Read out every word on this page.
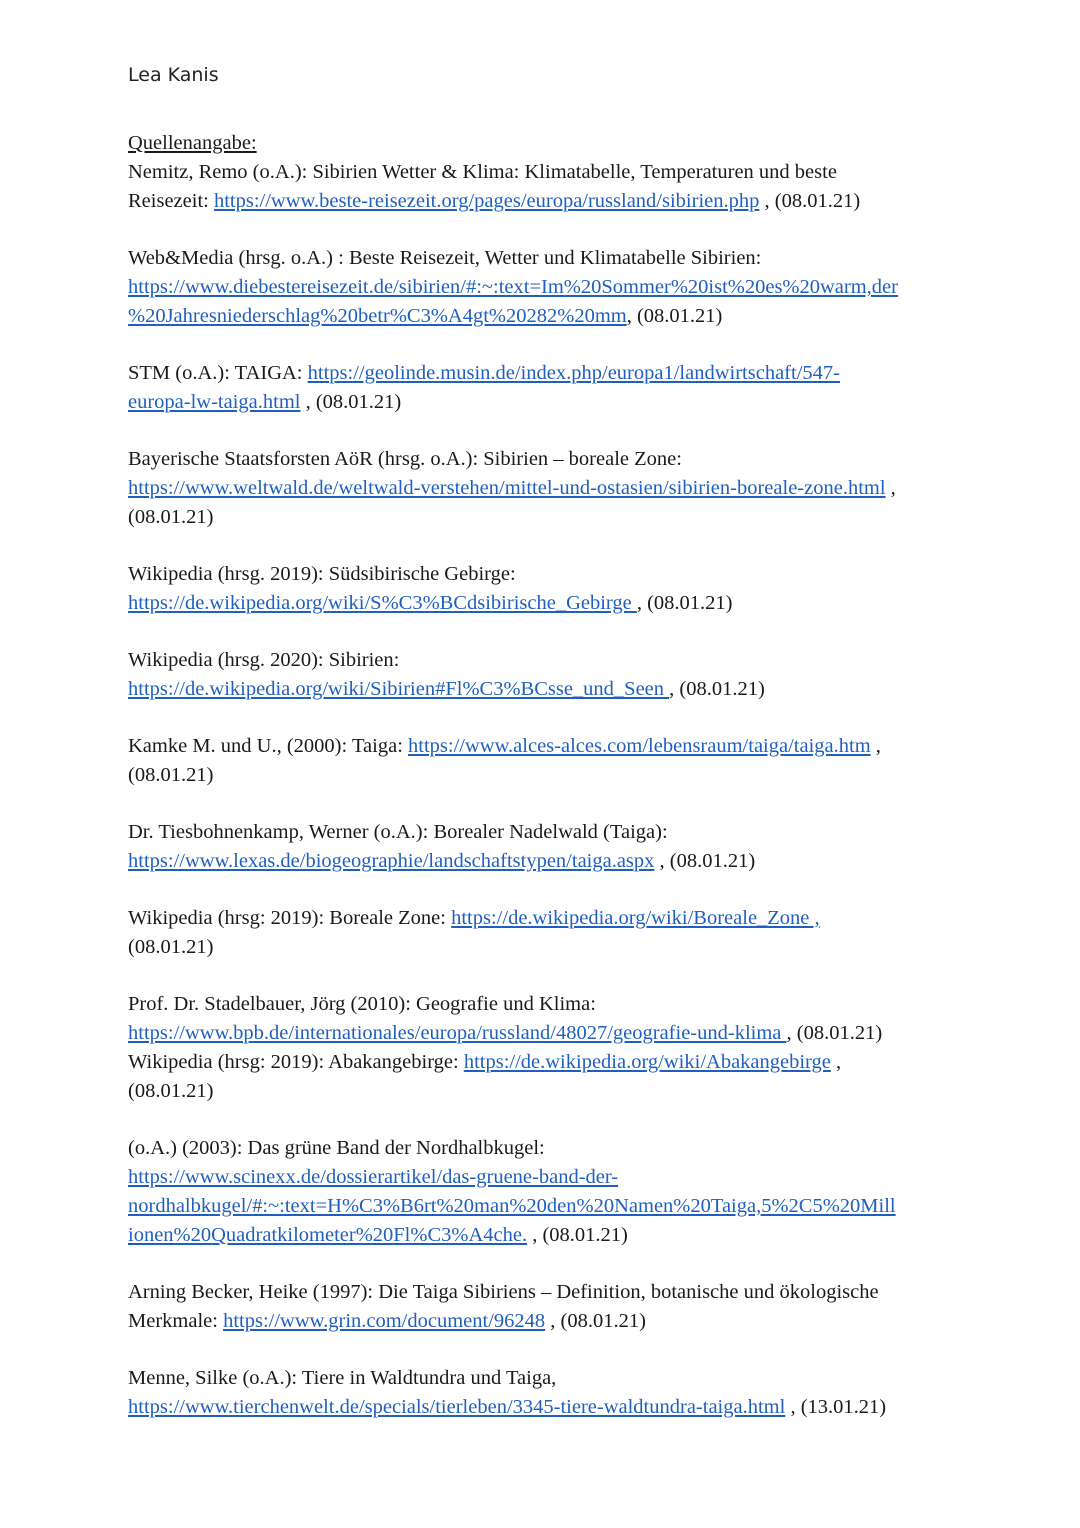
Lea Kanis

Quellenangabe:

Nemitz, Remo (o.A.): Sibirien Wetter & Klima: Klimatabelle, Temperaturen und beste
Reisezeit: https://www.beste-reisezeit.org/pages/europa/russland/sibirien.php , (08.01.21)
Web&Media (hrsg. o.A.) : Beste Reisezeit, Wetter und Klimatabelle Sibirien:
https://www.diebestereisezeit.de/sibirien/#:~:text=Im%20Sommer%20ist%20es%20warm,der
%20Jahresniederschlag%20betr%C3%A4gt%20282%20mm, (08.01.21)
STM (o.A.): TAIGA: https://geolinde.musin.de/index.php/europa1/landwirtschaft/547-
europa-lw-taiga.html , (08.01.21)
Bayerische Staatsforsten AöR (hrsg. o.A.): Sibirien – boreale Zone:
https://www.weltwald.de/weltwald-verstehen/mittel-und-ostasien/sibirien-boreale-zone.html ,
(08.01.21)
Wikipedia (hrsg. 2019): Südsibirische Gebirge:
https://de.wikipedia.org/wiki/S%C3%BCdsibirische_Gebirge , (08.01.21)
Wikipedia (hrsg. 2020): Sibirien:
https://de.wikipedia.org/wiki/Sibirien#Fl%C3%BCsse_und_Seen , (08.01.21)
Kamke M. und U., (2000): Taiga: https://www.alces-alces.com/lebensraum/taiga/taiga.htm ,
(08.01.21)
Dr. Tiesbohnenkamp, Werner (o.A.): Borealer Nadelwald (Taiga):
https://www.lexas.de/biogeographie/landschaftstypen/taiga.aspx , (08.01.21)
Wikipedia (hrsg: 2019): Boreale Zone: https://de.wikipedia.org/wiki/Boreale_Zone ,
(08.01.21)
Prof. Dr. Stadelbauer, Jörg (2010): Geografie und Klima:
https://www.bpb.de/internationales/europa/russland/48027/geografie-und-klima , (08.01.21)
Wikipedia (hrsg: 2019): Abakangebirge: https://de.wikipedia.org/wiki/Abakangebirge ,
(08.01.21)
(o.A.) (2003): Das grüne Band der Nordhalbkugel:
https://www.scinexx.de/dossierartikel/das-gruene-band-der-
nordhalbkugel/#:~:text=H%C3%B6rt%20man%20den%20Namen%20Taiga,5%2C5%20Mill
ionen%20Quadratkilometer%20Fl%C3%A4che. , (08.01.21)
Arning Becker, Heike (1997): Die Taiga Sibiriens – Definition, botanische und ökologische
Merkmale: https://www.grin.com/document/96248 , (08.01.21)
Menne, Silke (o.A.): Tiere in Waldtundra und Taiga,
https://www.tierchenwelt.de/specials/tierleben/3345-tiere-waldtundra-taiga.html , (13.01.21)
